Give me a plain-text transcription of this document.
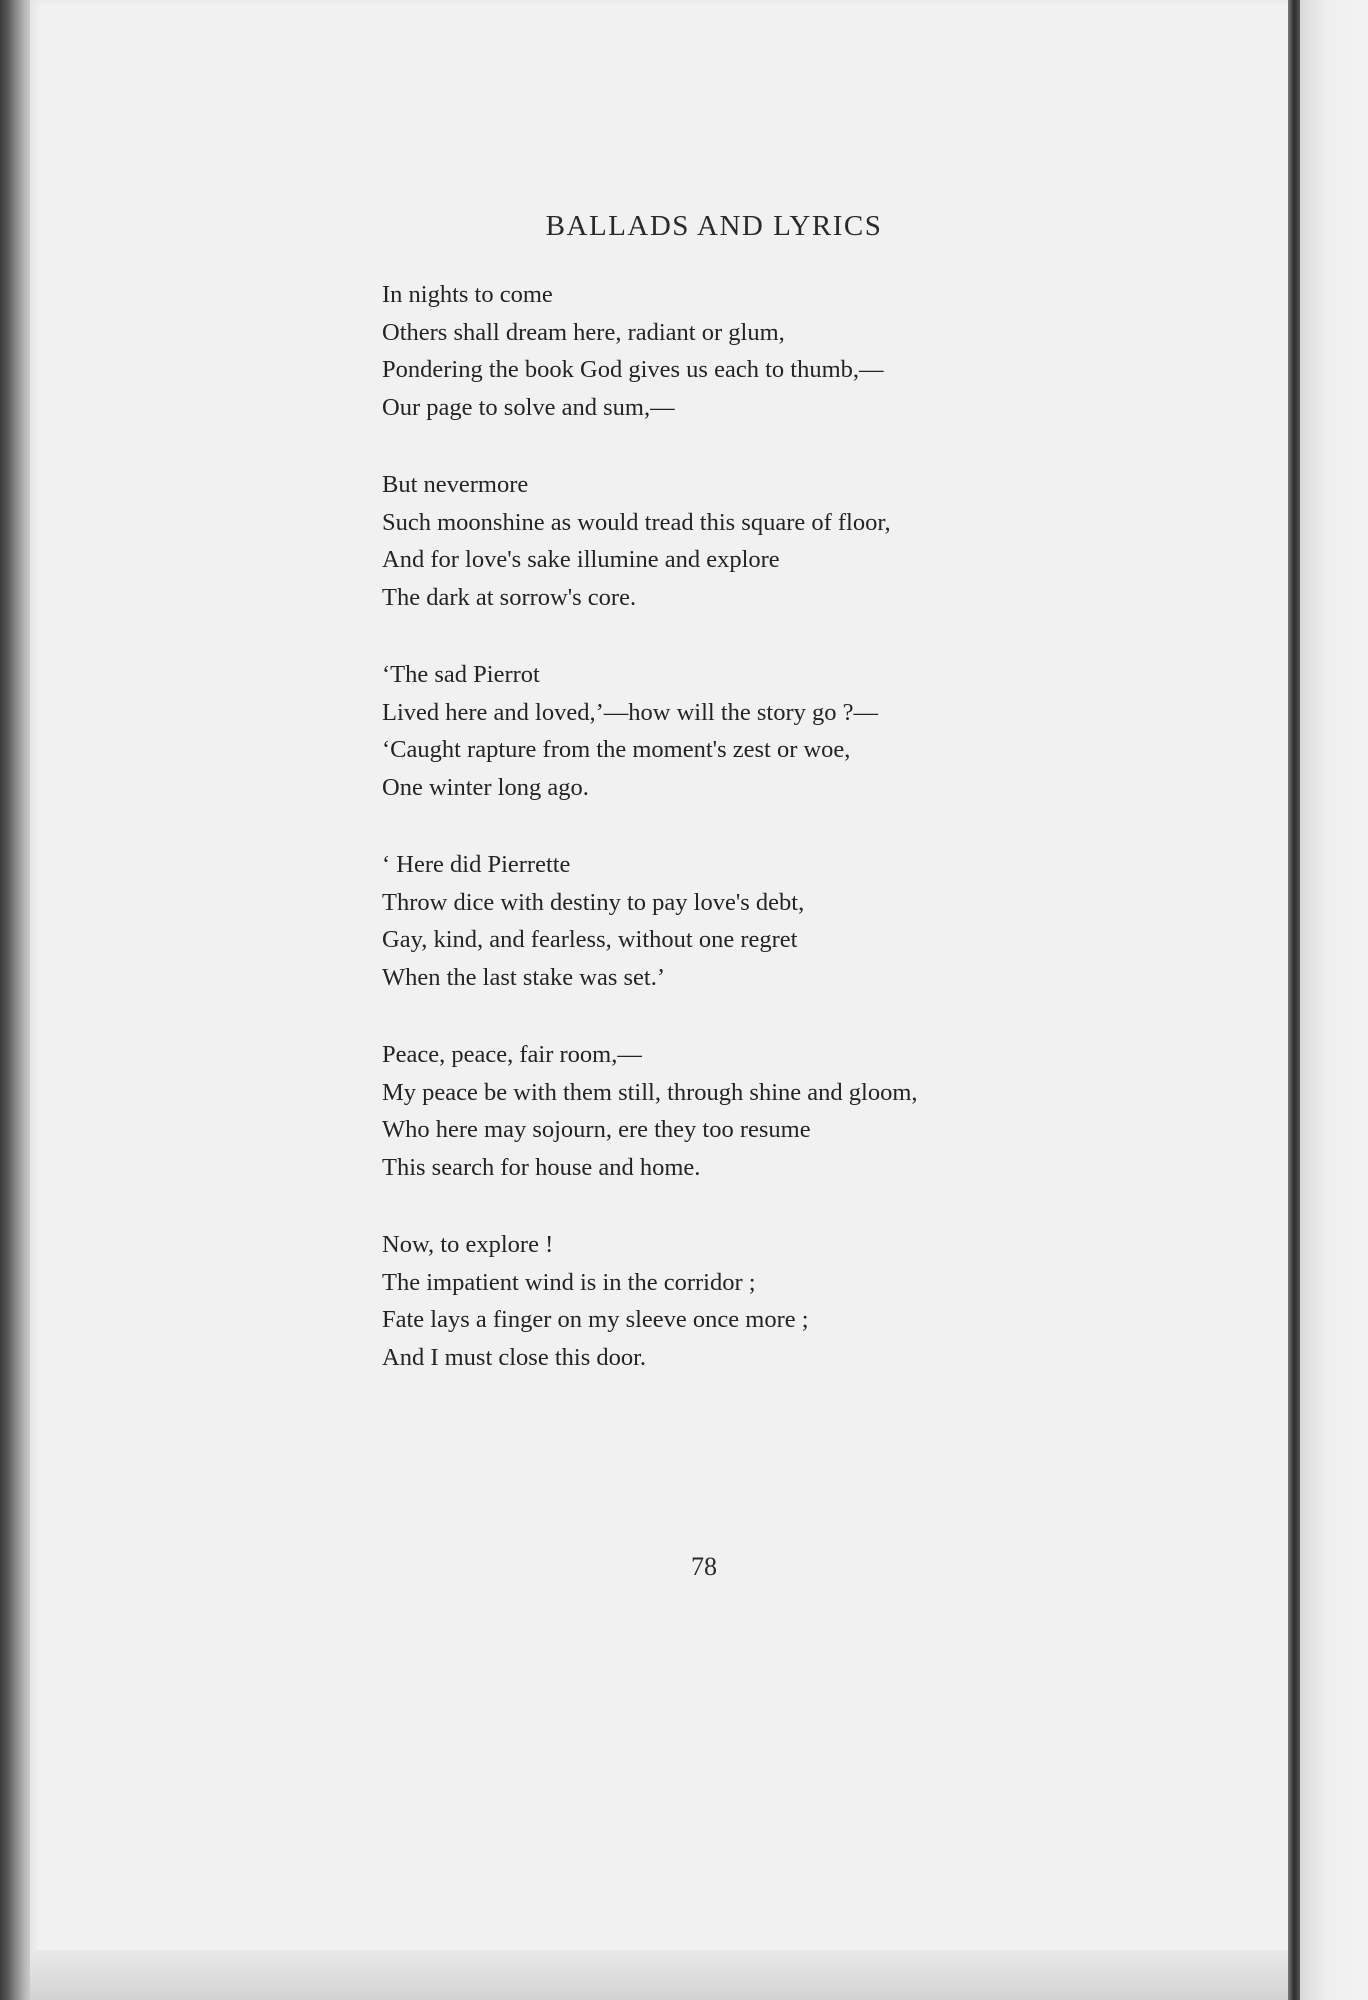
BALLADS AND LYRICS
In nights to come
Others shall dream here, radiant or glum,
Pondering the book God gives us each to thumb,—
Our page to solve and sum,—
But nevermore
Such moonshine as would tread this square of floor,
And for love's sake illumine and explore
The dark at sorrow's core.
‘The sad Pierrot
Lived here and loved,’—how will the story go ?—
‘Caught rapture from the moment's zest or woe,
One winter long ago.
‘ Here did Pierrette
Throw dice with destiny to pay love's debt,
Gay, kind, and fearless, without one regret
When the last stake was set.’
Peace, peace, fair room,—
My peace be with them still, through shine and gloom,
Who here may sojourn, ere they too resume
This search for house and home.
Now, to explore !
The impatient wind is in the corridor ;
Fate lays a finger on my sleeve once more ;
And I must close this door.
78
